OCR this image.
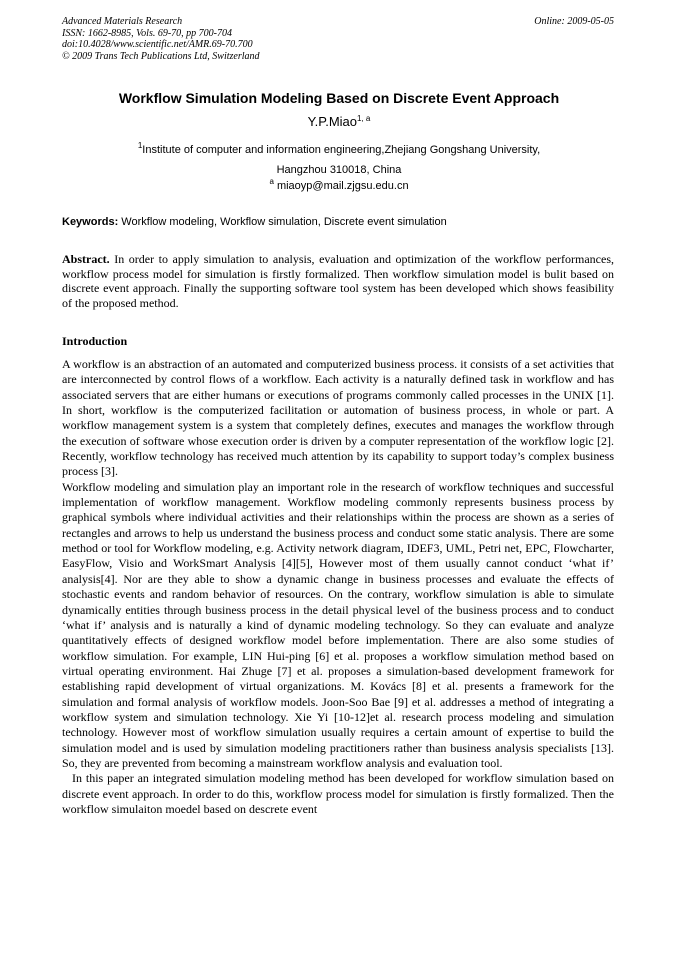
Advanced Materials Research
ISSN: 1662-8985, Vols. 69-70, pp 700-704
doi:10.4028/www.scientific.net/AMR.69-70.700
© 2009 Trans Tech Publications Ltd, Switzerland
Online: 2009-05-05
Workflow Simulation Modeling Based on Discrete Event Approach
Y.P.Miao$^{1, a}$
$^1$Institute of computer and information engineering,Zhejiang Gongshang University,
Hangzhou 310018, China
$^a$ miaoyp@mail.zjgsu.edu.cn
Keywords: Workflow modeling, Workflow simulation, Discrete event simulation
Abstract. In order to apply simulation to analysis, evaluation and optimization of the workflow performances, workflow process model for simulation is firstly formalized. Then workflow simulation model is bulit based on discrete event approach. Finally the supporting software tool system has been developed which shows feasibility of the proposed method.
Introduction

A workflow is an abstraction of an automated and computerized business process. it consists of a set activities that are interconnected by control flows of a workflow. Each activity is a naturally defined task in workflow and has associated servers that are either humans or executions of programs commonly called processes in the UNIX [1]. In short, workflow is the computerized facilitation or automation of business process, in whole or part. A workflow management system is a system that completely defines, executes and manages the workflow through the execution of software whose execution order is driven by a computer representation of the workflow logic [2]. Recently, workflow technology has received much attention by its capability to support today’s complex business process [3].

Workflow modeling and simulation play an important role in the research of workflow techniques and successful implementation of workflow management. Workflow modeling commonly represents business process by graphical symbols where individual activities and their relationships within the process are shown as a series of rectangles and arrows to help us understand the business process and conduct some static analysis. There are some method or tool for Workflow modeling, e.g. Activity network diagram, IDEF3, UML, Petri net, EPC, Flowcharter, EasyFlow, Visio and WorkSmart Analysis [4][5], However most of them usually cannot conduct ‘what if’ analysis[4]. Nor are they able to show a dynamic change in business processes and evaluate the effects of stochastic events and random behavior of resources. On the contrary, workflow simulation is able to simulate dynamically entities through business process in the detail physical level of the business process and to conduct ‘what if’ analysis and is naturally a kind of dynamic modeling technology. So they can evaluate and analyze quantitatively effects of designed workflow model before implementation. There are also some studies of workflow simulation. For example, LIN Hui-ping [6] et al. proposes a workflow simulation method based on virtual operating environment. Hai Zhuge [7] et al. proposes a simulation-based development framework for establishing rapid development of virtual organizations. M. Kovács [8] et al. presents a framework for the simulation and formal analysis of workflow models. Joon-Soo Bae [9] et al. addresses a method of integrating a workflow system and simulation technology. Xie Yi [10-12]et al. research process modeling and simulation technology. However most of workflow simulation usually requires a certain amount of expertise to build the simulation model and is used by simulation modeling practitioners rather than business analysis specialists [13]. So, they are prevented from becoming a mainstream workflow analysis and evaluation tool.

In this paper an integrated simulation modeling method has been developed for workflow simulation based on discrete event approach. In order to do this, workflow process model for simulation is firstly formalized. Then the workflow simulaiton moedel based on descrete event
